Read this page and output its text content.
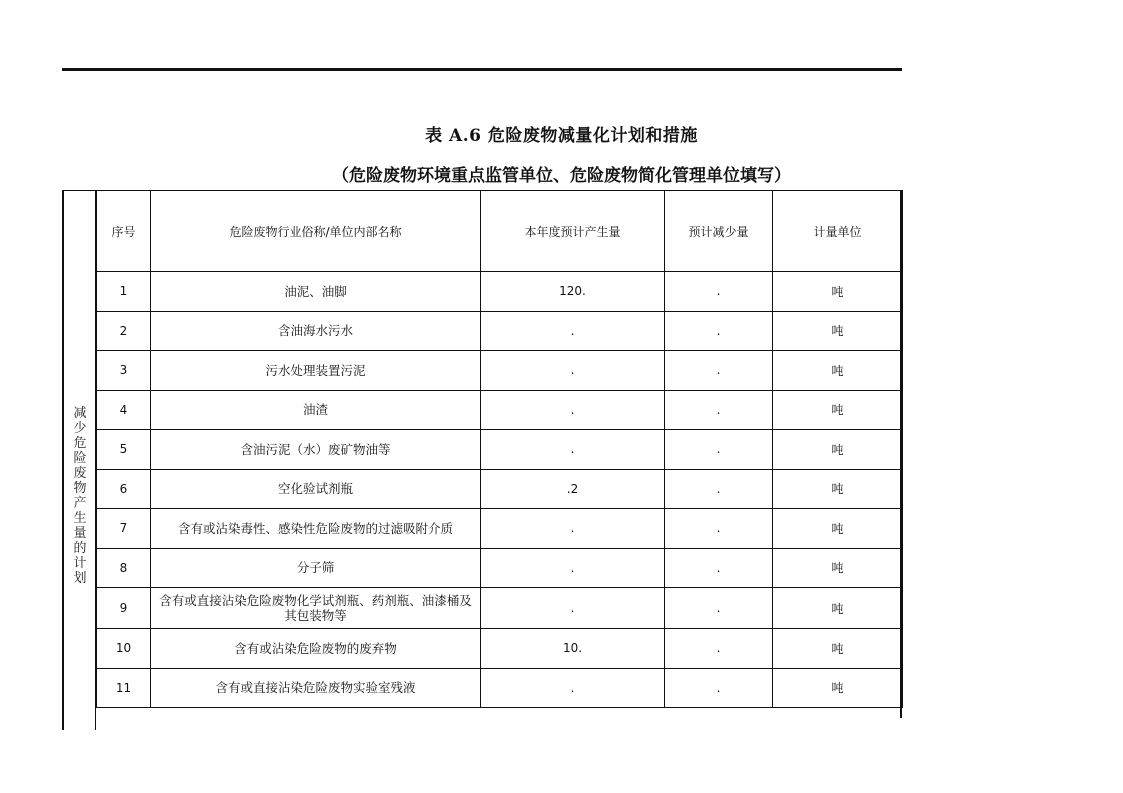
表 A.6 危险废物减量化计划和措施
（危险废物环境重点监管单位、危险废物简化管理单位填写）
减
少
危
险
废
物
产
生
量
的
计
划
序号	危险废物行业俗称/单位内部名称	本年度预计产生量	预计减少量	计量单位
1	油泥、油脚	120.	.	吨
2	含油海水污水	.	.	吨
3	污水处理装置污泥	.	.	吨
4	油渣	.	.	吨
5	含油污泥（水）废矿物油等	.	.	吨
6	空化验试剂瓶	.2	.	吨
7	含有或沾染毒性、感染性危险废物的过滤吸附介质	.	.	吨
8	分子筛	.	.	吨
9	含有或直接沾染危险废物化学试剂瓶、药剂瓶、油漆桶及其包装物等	.	.	吨
10	含有或沾染危险废物的废弃物	10.	.	吨
11	含有或直接沾染危险废物实验室残液	.	.	吨
